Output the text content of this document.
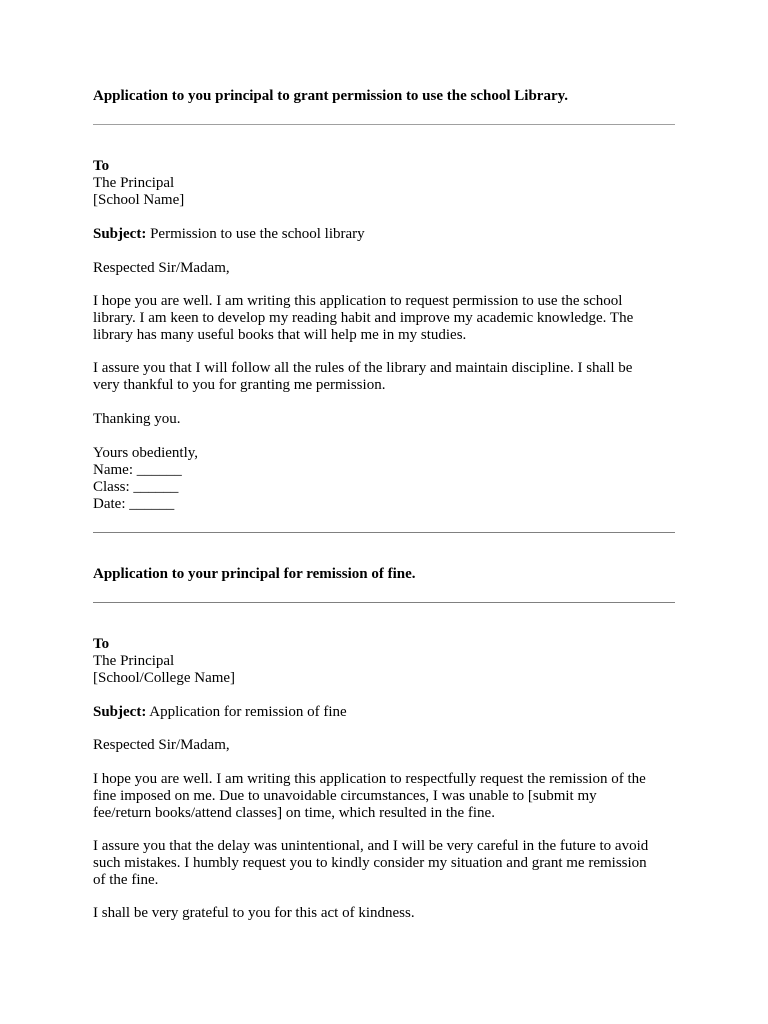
Application to you principal to grant permission to use the school Library.
To
The Principal
[School Name]
Subject: Permission to use the school library
Respected Sir/Madam,
I hope you are well. I am writing this application to request permission to use the school
library. I am keen to develop my reading habit and improve my academic knowledge. The
library has many useful books that will help me in my studies.
I assure you that I will follow all the rules of the library and maintain discipline. I shall be
very thankful to you for granting me permission.
Thanking you.
Yours obediently,
Name: ______
Class: ______
Date: ______
Application to your principal for remission of fine.
To
The Principal
[School/College Name]
Subject: Application for remission of fine
Respected Sir/Madam,
I hope you are well. I am writing this application to respectfully request the remission of the
fine imposed on me. Due to unavoidable circumstances, I was unable to [submit my
fee/return books/attend classes] on time, which resulted in the fine.
I assure you that the delay was unintentional, and I will be very careful in the future to avoid
such mistakes. I humbly request you to kindly consider my situation and grant me remission
of the fine.
I shall be very grateful to you for this act of kindness.
